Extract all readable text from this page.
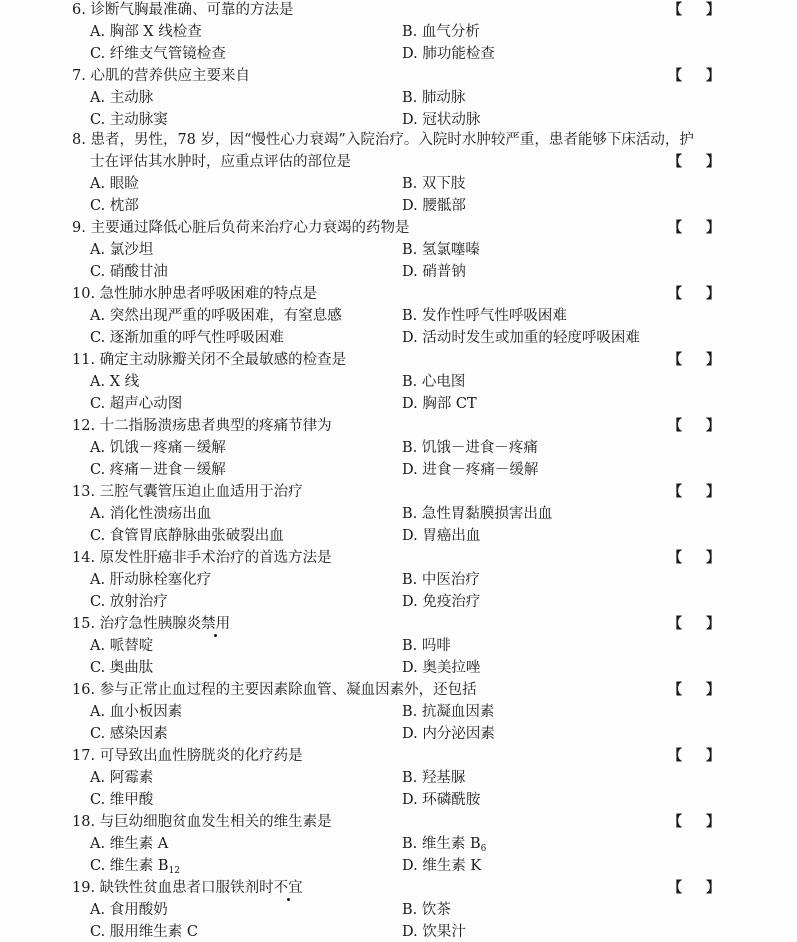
6. 诊断气胸最准确、可靠的方法是	【 】
A. 胸部 X 线检查	B. 血气分析
C. 纤维支气管镜检查	D. 肺功能检查
7. 心肌的营养供应主要来自	【 】
A. 主动脉	B. 肺动脉
C. 主动脉窦	D. 冠状动脉
8. 患者，男性，78 岁，因“慢性心力衰竭”入院治疗。入院时水肿较严重，患者能够下床活动，护
【 】
士在评估其水肿时，应重点评估的部位是
A. 眼睑	B. 双下肢
C. 枕部	D. 腰骶部
9. 主要通过降低心脏后负荷来治疗心力衰竭的药物是	【 】
A. 氯沙坦	B. 氢氯噻嗪
C. 硝酸甘油	D. 硝普钠
10. 急性肺水肿患者呼吸困难的特点是	【 】
A. 突然出现严重的呼吸困难，有窒息感	B. 发作性呼气性呼吸困难
C. 逐渐加重的呼气性呼吸困难	D. 活动时发生或加重的轻度呼吸困难
11. 确定主动脉瓣关闭不全最敏感的检查是	【 】
A. X 线	B. 心电图
C. 超声心动图	D. 胸部 CT
12. 十二指肠溃疡患者典型的疼痛节律为	【 】
A. 饥饿－疼痛－缓解	B. 饥饿－进食－疼痛
C. 疼痛－进食－缓解	D. 进食－疼痛－缓解
13. 三腔气囊管压迫止血适用于治疗	【 】
A. 消化性溃疡出血	B. 急性胃黏膜损害出血
C. 食管胃底静脉曲张破裂出血	D. 胃癌出血
14. 原发性肝癌非手术治疗的首选方法是	【 】
A. 肝动脉栓塞化疗	B. 中医治疗
C. 放射治疗	D. 免疫治疗
15. 治疗急性胰腺炎禁用	【 】
A. 哌替啶	B. 吗啡
C. 奥曲肽	D. 奥美拉唑
16. 参与正常止血过程的主要因素除血管、凝血因素外，还包括	【 】
A. 血小板因素	B. 抗凝血因素
C. 感染因素	D. 内分泌因素
17. 可导致出血性膀胱炎的化疗药是	【 】
A. 阿霉素	B. 羟基脲
C. 维甲酸	D. 环磷酰胺
18. 与巨幼细胞贫血发生相关的维生素是	【 】
A. 维生素 A	B. 维生素 $B_6$
C. 维生素 $B_{12}$	D. 维生素 K
19. 缺铁性贫血患者口服铁剂时不宜	【 】
A. 食用酸奶	B. 饮茶
C. 服用维生素 C	D. 饮果汁
